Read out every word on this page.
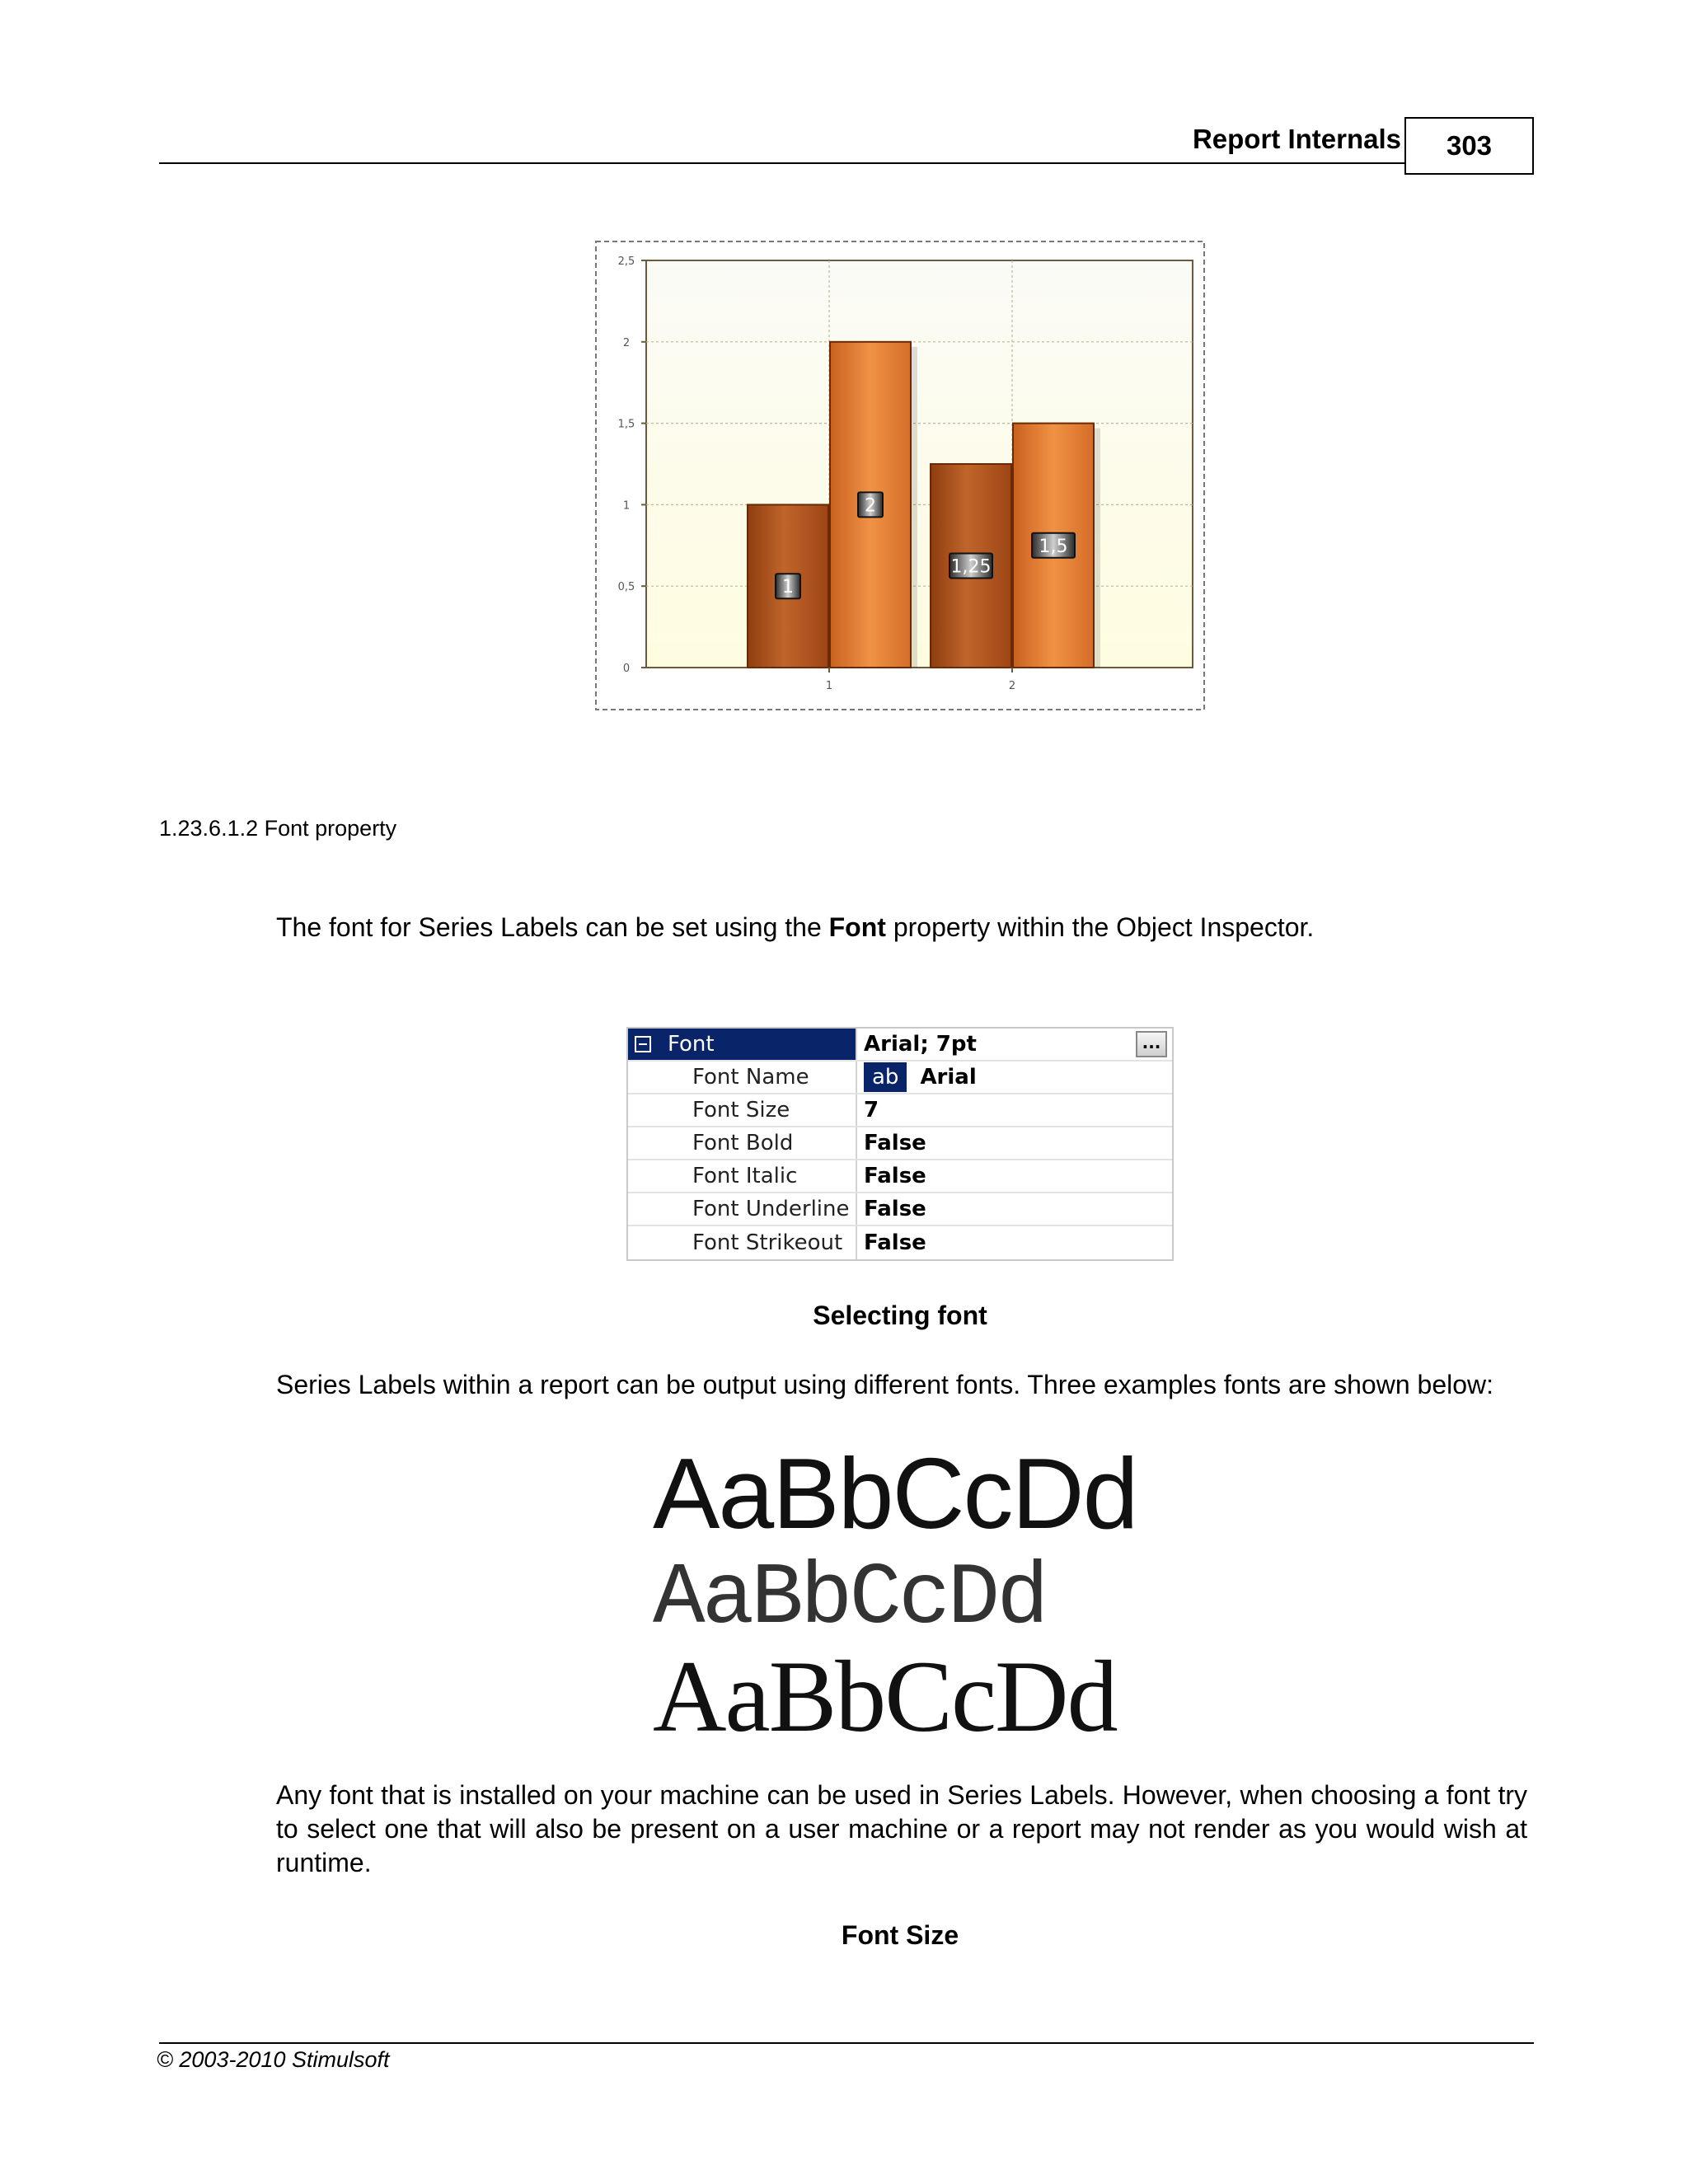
Report Internals	303
1
1,25
2
1,5
0
0,5
1
1,5
2
2,5
1	2
1.23.6.1.2 Font property
The font for Series Labels can be set using the Font property within the Object Inspector.
Font	Arial; 7pt	...
Font Name	ab	Arial
Font Size	7
Font Bold	False
Font Italic	False
Font Underline False
Font Strikeout False
Selecting font
Series Labels within a report can be output using different fonts. Three examples fonts are shown below:
AaBbCcDd
AaBbCcDd
AaBbCcDd
Any font that is installed on your machine can be used in Series Labels. However, when choosing a font try to select one that will also be present on a user machine or a report may not render as you would wish at runtime.
Font Size
© 2003-2010 Stimulsoft
